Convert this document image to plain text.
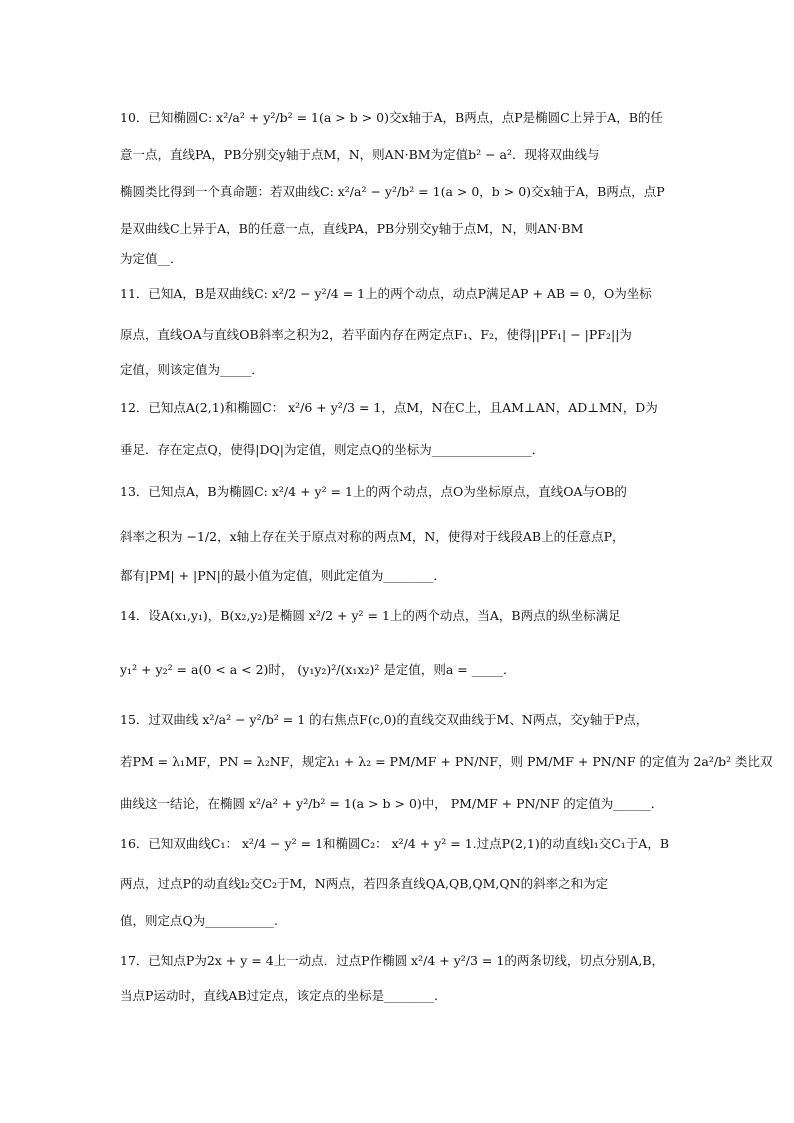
10．已知椭圆C: x²/a² + y²/b² = 1(a > b > 0)交x轴于A，B两点，点P是椭圆C上异于A，B的任
意一点，直线PA，PB分别交y轴于点M，N，则AN·BM为定值b² − a²．现将双曲线与
椭圆类比得到一个真命题：若双曲线C: x²/a² − y²/b² = 1(a > 0，b > 0)交x轴于A，B两点，点P
是双曲线C上异于A，B的任意一点，直线PA，PB分别交y轴于点M，N，则AN·BM
为定值__．
11．已知A，B是双曲线C: x²/2 − y²/4 = 1上的两个动点，动点P满足AP + AB = 0，O为坐标
原点，直线OA与直线OB斜率之积为2，若平面内存在两定点F₁、F₂，使得||PF₁| − |PF₂||为
定值，则该定值为_____．
12．已知点A(2,1)和椭圆C： x²/6 + y²/3 = 1，点M，N在C上，且AM⊥AN，AD⊥MN，D为
垂足．存在定点Q，使得|DQ|为定值，则定点Q的坐标为________________．
13．已知点A，B为椭圆C: x²/4 + y² = 1上的两个动点，点O为坐标原点，直线OA与OB的
斜率之积为 −1/2，x轴上存在关于原点对称的两点M，N，使得对于线段AB上的任意点P，
都有|PM| + |PN|的最小值为定值，则此定值为________．
14．设A(x₁,y₁)，B(x₂,y₂)是椭圆 x²/2 + y² = 1上的两个动点，当A，B两点的纵坐标满足
y₁² + y₂² = a(0 < a < 2)时， (y₁y₂)²/(x₁x₂)² 是定值，则a = _____．
15．过双曲线 x²/a² − y²/b² = 1 的右焦点F(c,0)的直线交双曲线于M、N两点，交y轴于P点，
若PM = λ₁MF，PN = λ₂NF，规定λ₁ + λ₂ = PM/MF + PN/NF，则 PM/MF + PN/NF 的定值为 2a²/b² 类比双
曲线这一结论，在椭圆 x²/a² + y²/b² = 1(a > b > 0)中， PM/MF + PN/NF 的定值为______．
16．已知双曲线C₁： x²/4 − y² = 1和椭圆C₂： x²/4 + y² = 1.过点P(2,1)的动直线l₁交C₁于A，B
两点，过点P的动直线l₂交C₂于M，N两点，若四条直线QA,QB,QM,QN的斜率之和为定
值，则定点Q为___________.
17．已知点P为2x + y = 4上一动点．过点P作椭圆 x²/4 + y²/3 = 1的两条切线，切点分别A,B，
当点P运动时，直线AB过定点，该定点的坐标是________．
